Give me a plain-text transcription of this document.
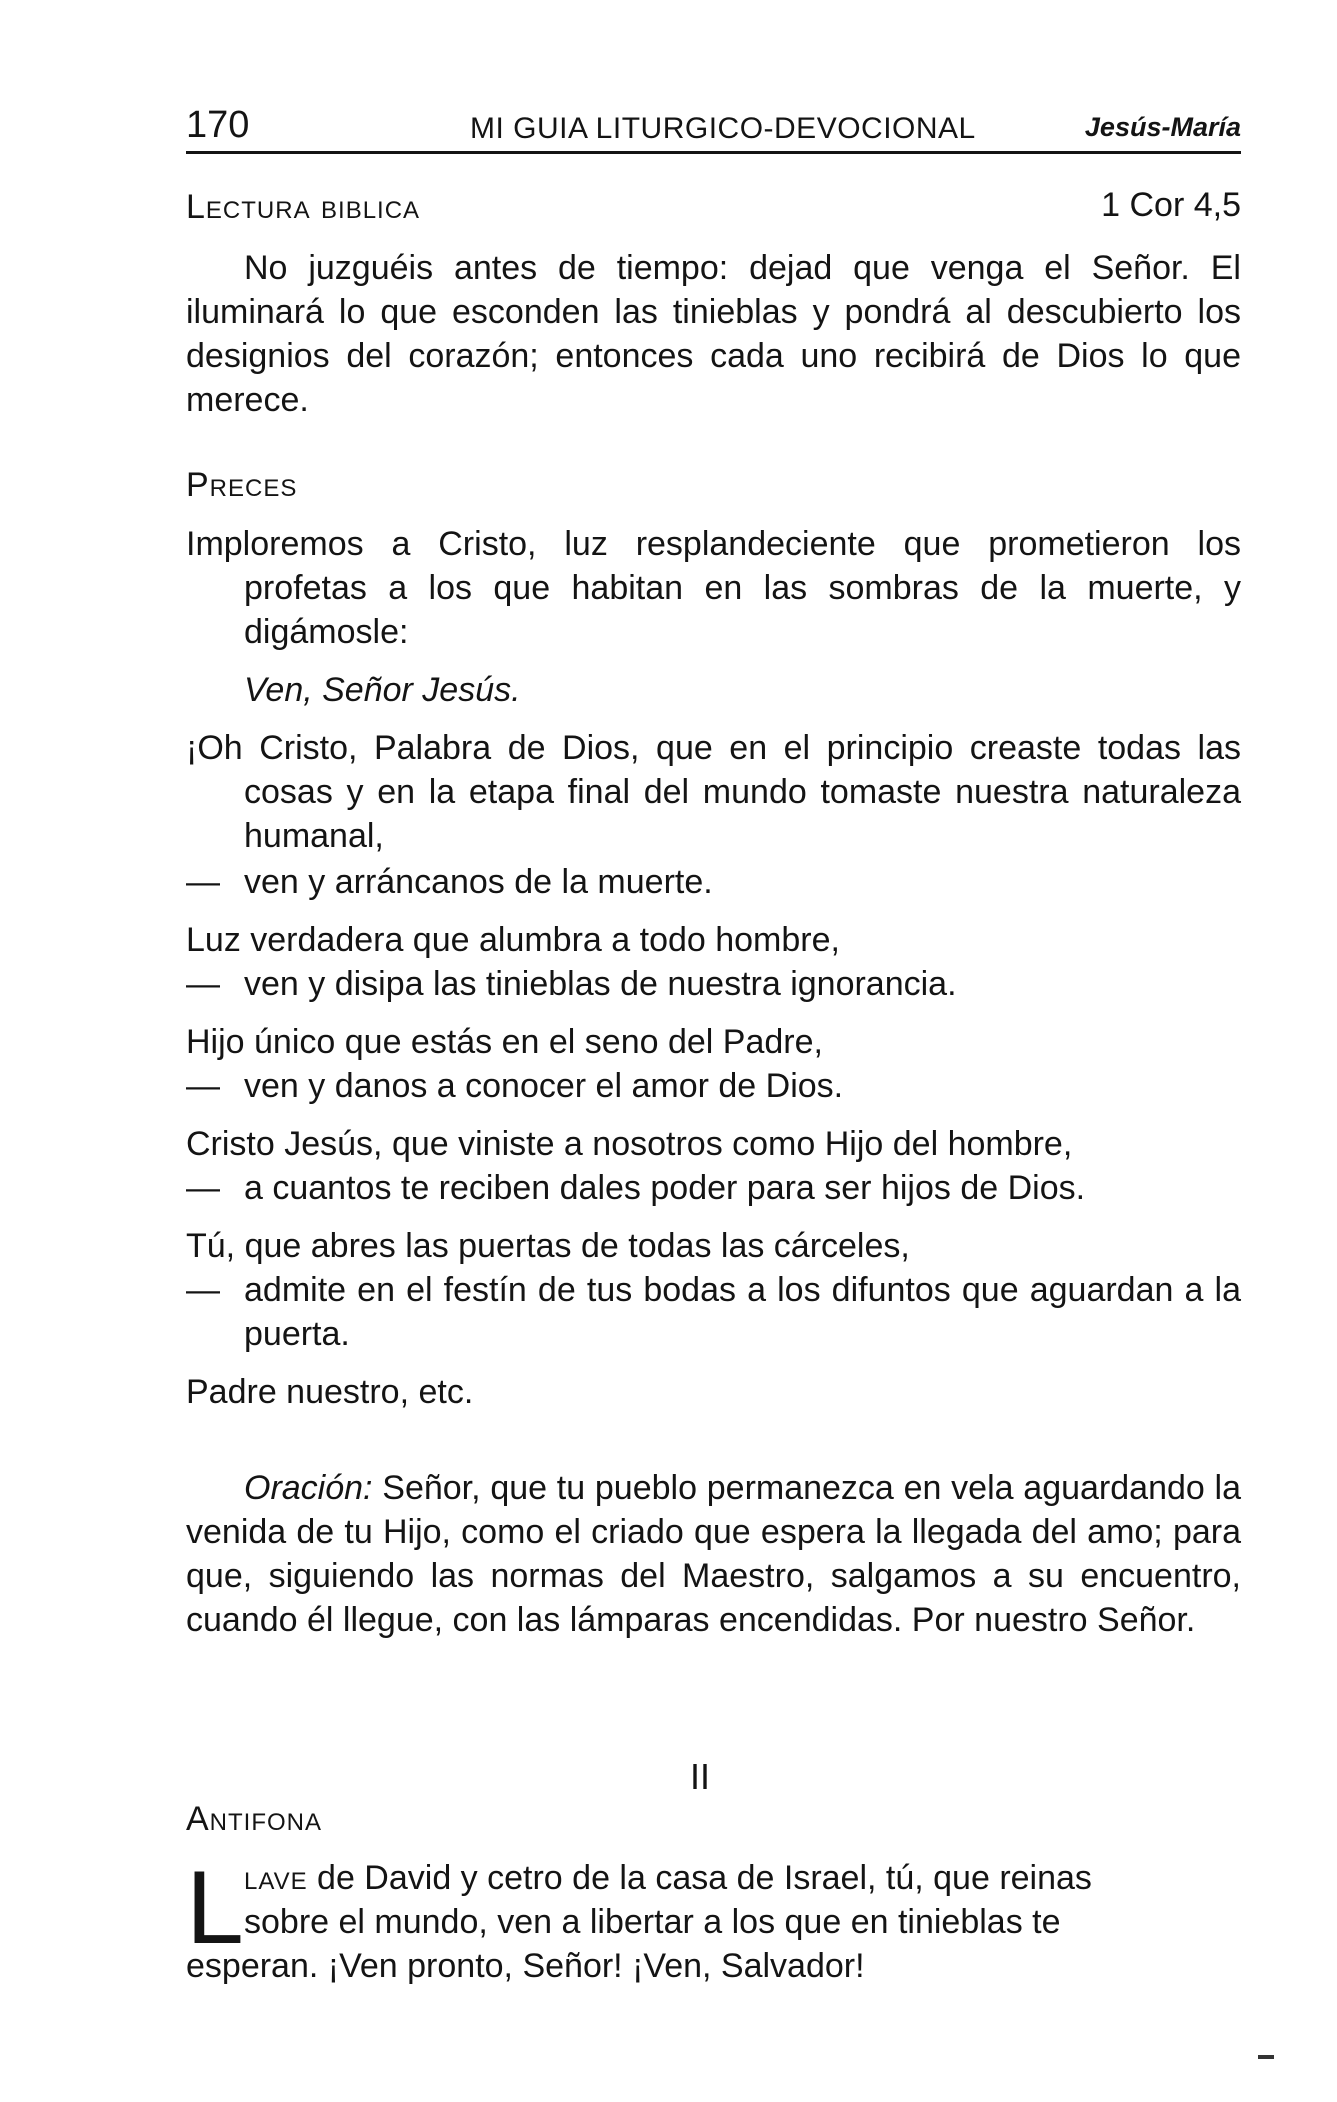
170	MI GUIA LITURGICO-DEVOCIONAL	Jesús-María
Lectura biblica	1 Cor 4,5
No juzguéis antes de tiempo: dejad que venga el Señor. El iluminará lo que esconden las tinieblas y pondrá al descubierto los designios del corazón; entonces cada uno recibirá de Dios lo que merece.
Preces
Imploremos a Cristo, luz resplandeciente que prometieron los profetas a los que habitan en las sombras de la muerte, y digámosle:
Ven, Señor Jesús.
¡Oh Cristo, Palabra de Dios, que en el principio creaste todas las cosas y en la etapa final del mundo tomaste nuestra naturaleza humanal,
— ven y arráncanos de la muerte.
Luz verdadera que alumbra a todo hombre,
— ven y disipa las tinieblas de nuestra ignorancia.
Hijo único que estás en el seno del Padre,
— ven y danos a conocer el amor de Dios.
Cristo Jesús, que viniste a nosotros como Hijo del hombre,
— a cuantos te reciben dales poder para ser hijos de Dios.
Tú, que abres las puertas de todas las cárceles,
— admite en el festín de tus bodas a los difuntos que aguardan a la puerta.
Padre nuestro, etc.
Oración: Señor, que tu pueblo permanezca en vela aguardando la venida de tu Hijo, como el criado que espera la llegada del amo; para que, siguiendo las normas del Maestro, salgamos a su encuentro, cuando él llegue, con las lámparas encendidas. Por nuestro Señor.
II
Antifona
L lave de David y cetro de la casa de Israel, tú, que reinas
sobre el mundo, ven a libertar a los que en tinieblas te
esperan. ¡Ven pronto, Señor! ¡Ven, Salvador!
